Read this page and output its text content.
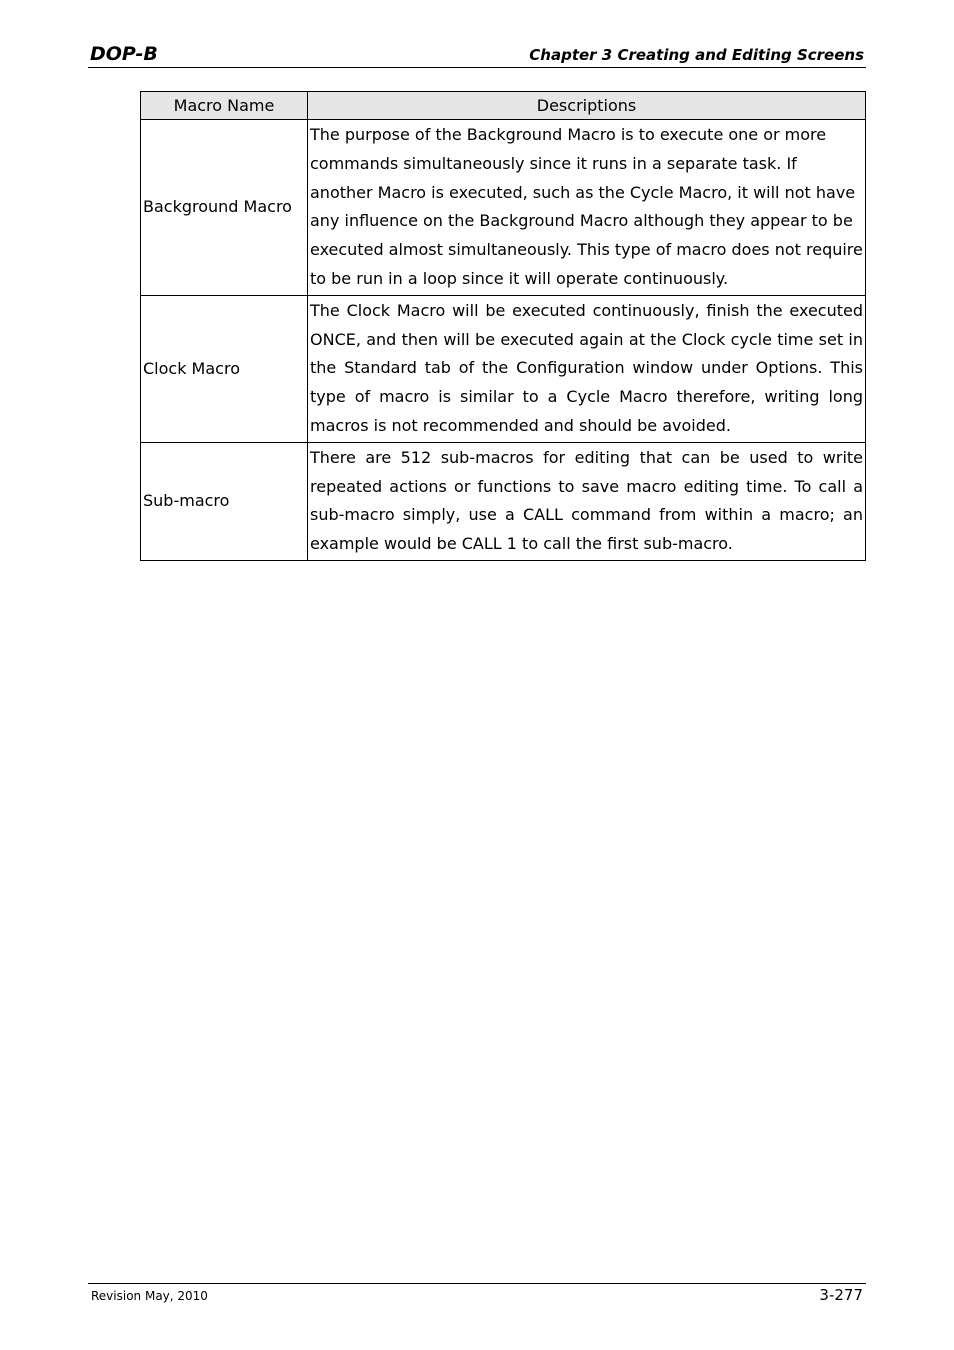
DOP-B	Chapter 3 Creating and Editing Screens
Macro Name	Descriptions
Background Macro	The purpose of the Background Macro is to execute one or more commands simultaneously since it runs in a separate task. If another Macro is executed, such as the Cycle Macro, it will not have any influence on the Background Macro although they appear to be executed almost simultaneously. This type of macro does not require to be run in a loop since it will operate continuously.
Clock Macro	The Clock Macro will be executed continuously, finish the executed ONCE, and then will be executed again at the Clock cycle time set in the Standard tab of the Configuration window under Options. This type of macro is similar to a Cycle Macro therefore, writing long macros is not recommended and should be avoided.
Sub-macro	There are 512 sub-macros for editing that can be used to write repeated actions or functions to save macro editing time. To call a sub-macro simply, use a CALL command from within a macro; an example would be CALL 1 to call the first sub-macro.
Revision May, 2010	3-277
